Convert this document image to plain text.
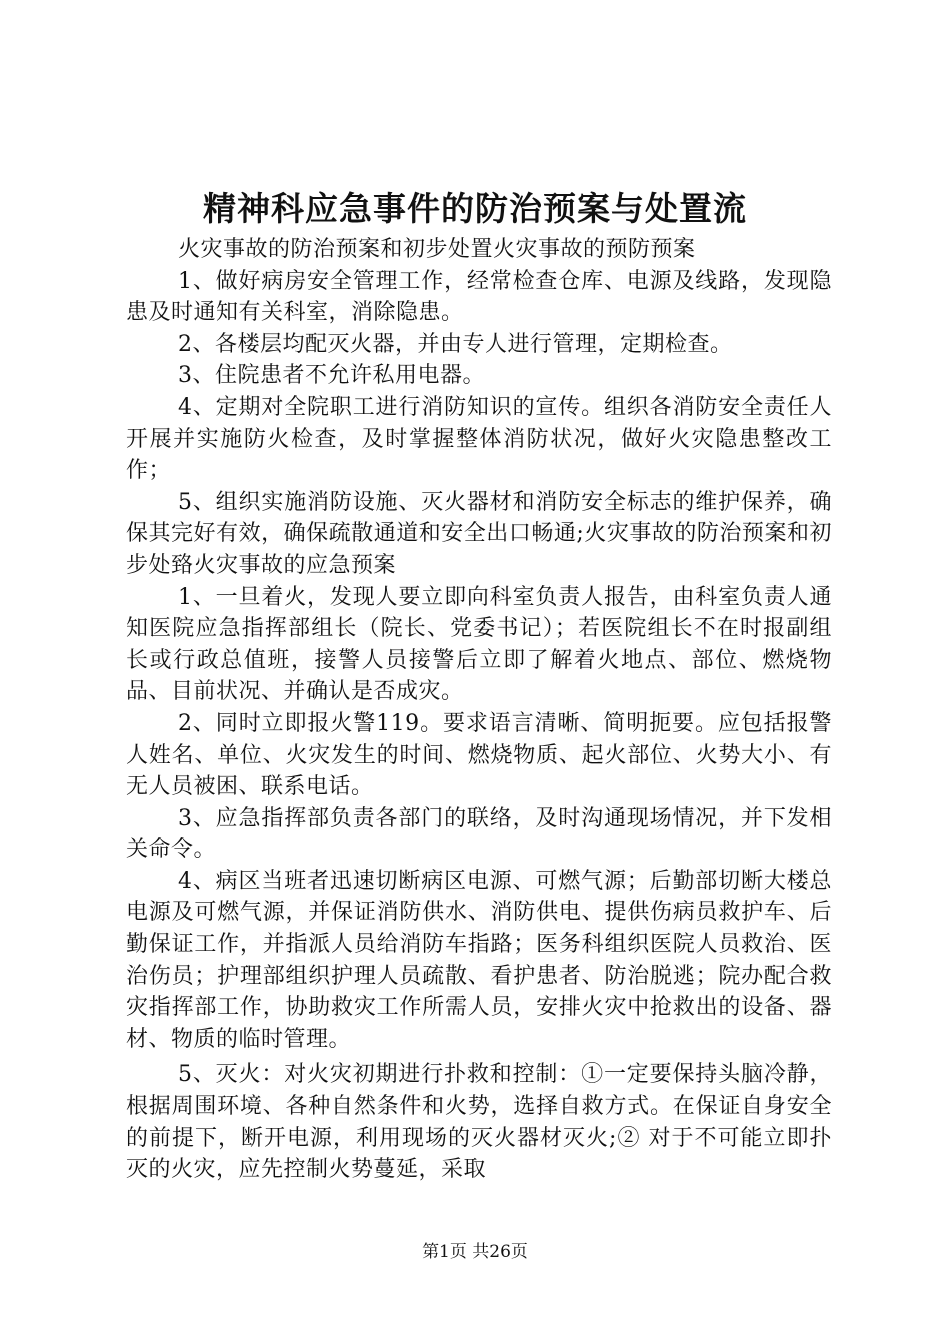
精神科应急事件的防治预案与处置流

火灾事故的防治预案和初步处置火灾事故的预防预案

1、做好病房安全管理工作，经常检查仓库、电源及线路，发现隐患及时通知有关科室，消除隐患。

2、各楼层均配灭火器，并由专人进行管理，定期检查。

3、住院患者不允许私用电器。

4、定期对全院职工进行消防知识的宣传。组织各消防安全责任人开展并实施防火检查，及时掌握整体消防状况，做好火灾隐患整改工作；

5、组织实施消防设施、灭火器材和消防安全标志的维护保养，确保其完好有效，确保疏散通道和安全出口畅通;火灾事故的防治预案和初步处臵火灾事故的应急预案

1、一旦着火，发现人要立即向科室负责人报告，由科室负责人通知医院应急指挥部组长（院长、党委书记）；若医院组长不在时报副组长或行政总值班，接警人员接警后立即了解着火地点、部位、燃烧物品、目前状况、并确认是否成灾。

2、同时立即报火警119。要求语言清晰、简明扼要。应包括报警人姓名、单位、火灾发生的时间、燃烧物质、起火部位、火势大小、有无人员被困、联系电话。

3、应急指挥部负责各部门的联络，及时沟通现场情况，并下发相关命令。

4、病区当班者迅速切断病区电源、可燃气源；后勤部切断大楼总电源及可燃气源，并保证消防供水、消防供电、提供伤病员救护车、后勤保证工作，并指派人员给消防车指路；医务科组织医院人员救治、医治伤员；护理部组织护理人员疏散、看护患者、防治脱逃；院办配合救灾指挥部工作，协助救灾工作所需人员，安排火灾中抢救出的设备、器材、物质的临时管理。

5、灭火：对火灾初期进行扑救和控制：①一定要保持头脑冷静，根据周围环境、各种自然条件和火势，选择自救方式。在保证自身安全的前提下，断开电源，利用现场的灭火器材灭火;② 对于不可能立即扑灭的火灾，应先控制火势蔓延，采取

第1页 共26页
